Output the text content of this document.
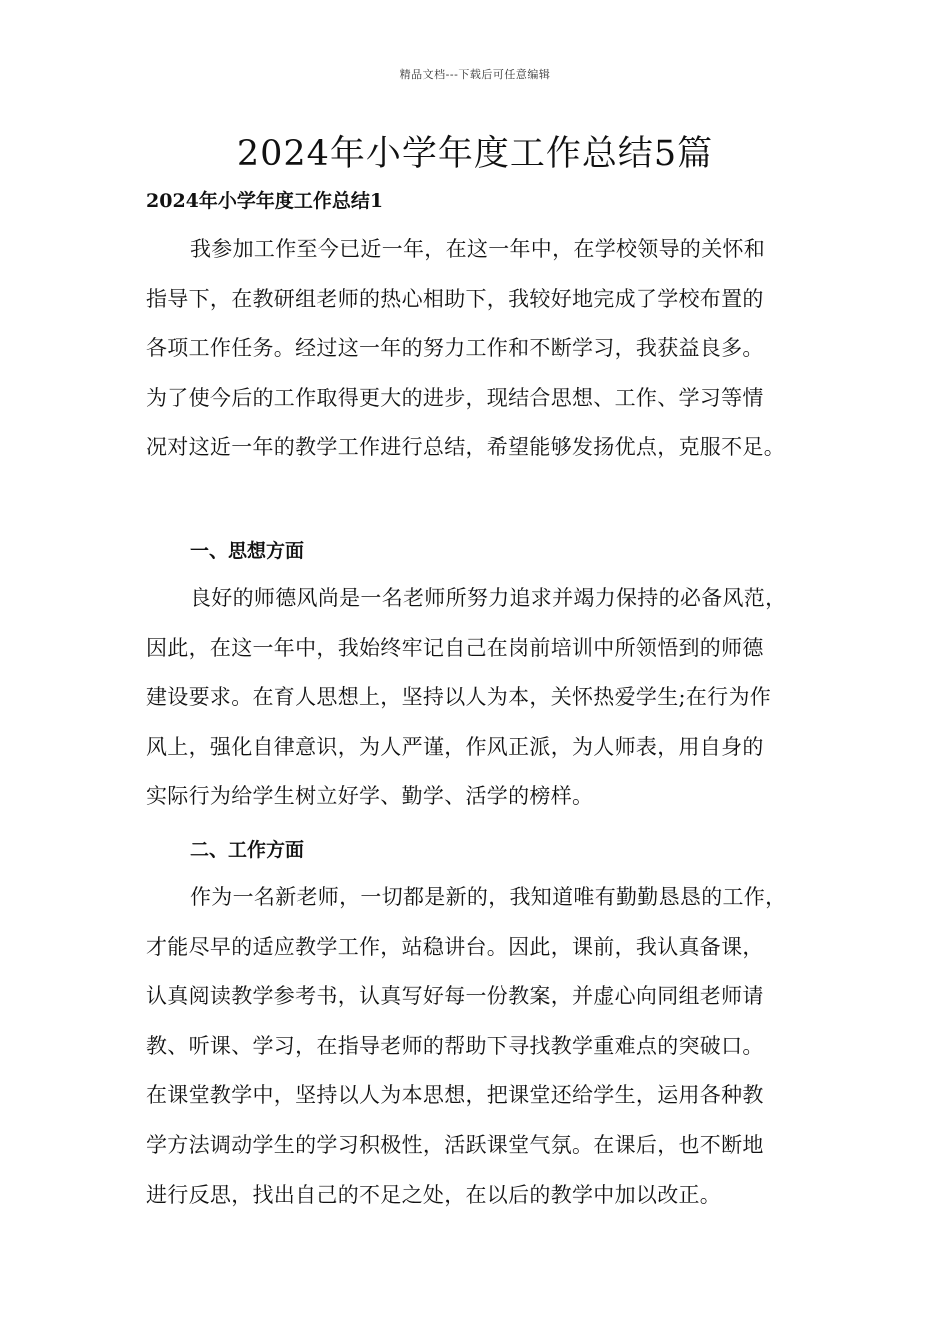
精品文档---下载后可任意编辑
2024年小学年度工作总结5篇
2024年小学年度工作总结1
我参加工作至今已近一年，在这一年中，在学校领导的关怀和
指导下，在教研组老师的热心相助下，我较好地完成了学校布置的
各项工作任务。经过这一年的努力工作和不断学习，我获益良多。
为了使今后的工作取得更大的进步，现结合思想、工作、学习等情
况对这近一年的教学工作进行总结，希望能够发扬优点，克服不足。
一、思想方面
良好的师德风尚是一名老师所努力追求并竭力保持的必备风范，
因此，在这一年中，我始终牢记自己在岗前培训中所领悟到的师德
建设要求。在育人思想上，坚持以人为本，关怀热爱学生;在行为作
风上，强化自律意识，为人严谨，作风正派，为人师表，用自身的
实际行为给学生树立好学、勤学、活学的榜样。
二、工作方面
作为一名新老师，一切都是新的，我知道唯有勤勤恳恳的工作，
才能尽早的适应教学工作，站稳讲台。因此，课前，我认真备课，
认真阅读教学参考书，认真写好每一份教案，并虚心向同组老师请
教、听课、学习，在指导老师的帮助下寻找教学重难点的突破口。
在课堂教学中，坚持以人为本思想，把课堂还给学生，运用各种教
学方法调动学生的学习积极性，活跃课堂气氛。在课后，也不断地
进行反思，找出自己的不足之处，在以后的教学中加以改正。
